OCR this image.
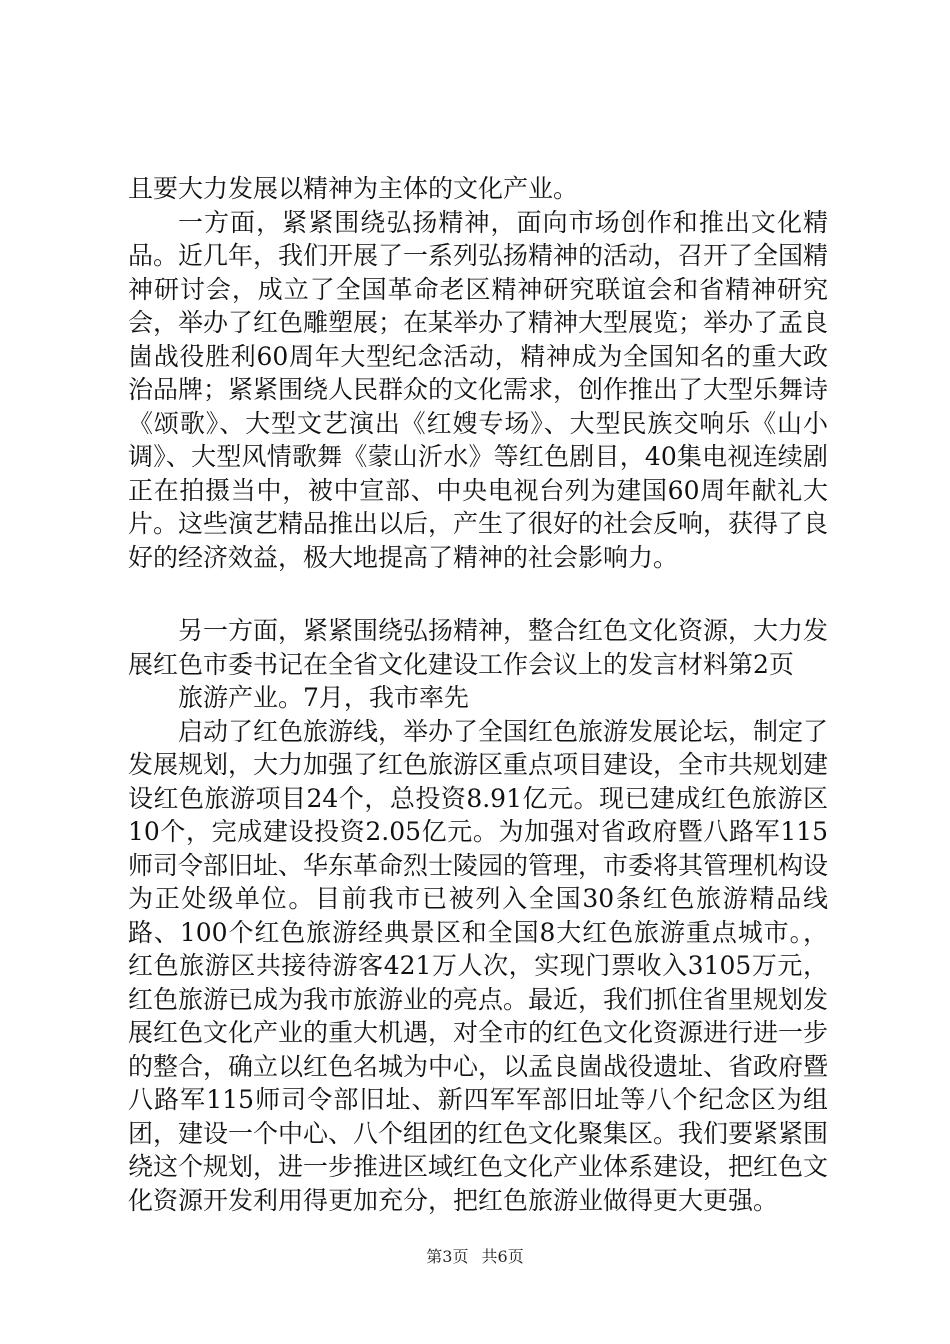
且要大力发展以精神为主体的文化产业。

一方面，紧紧围绕弘扬精神，面向市场创作和推出文化精品。近几年，我们开展了一系列弘扬精神的活动，召开了全国精神研讨会，成立了全国革命老区精神研究联谊会和省精神研究会，举办了红色雕塑展；在某举办了精神大型展览；举办了孟良崮战役胜利60周年大型纪念活动，精神成为全国知名的重大政治品牌；紧紧围绕人民群众的文化需求，创作推出了大型乐舞诗《颂歌》、大型文艺演出《红嫂专场》、大型民族交响乐《山小调》、大型风情歌舞《蒙山沂水》等红色剧目，40集电视连续剧正在拍摄当中，被中宣部、中央电视台列为建国60周年献礼大片。这些演艺精品推出以后，产生了很好的社会反响，获得了良好的经济效益，极大地提高了精神的社会影响力。

另一方面，紧紧围绕弘扬精神，整合红色文化资源，大力发展红色市委书记在全省文化建设工作会议上的发言材料第2页

旅游产业。7月，我市率先

启动了红色旅游线，举办了全国红色旅游发展论坛，制定了发展规划，大力加强了红色旅游区重点项目建设，全市共规划建设红色旅游项目24个，总投资8.91亿元。现已建成红色旅游区10个，完成建设投资2.05亿元。为加强对省政府暨八路军115师司令部旧址、华东革命烈士陵园的管理，市委将其管理机构设为正处级单位。目前我市已被列入全国30条红色旅游精品线路、100个红色旅游经典景区和全国8大红色旅游重点城市。，红色旅游区共接待游客421万人次，实现门票收入3105万元，红色旅游已成为我市旅游业的亮点。最近，我们抓住省里规划发展红色文化产业的重大机遇，对全市的红色文化资源进行进一步的整合，确立以红色名城为中心，以孟良崮战役遗址、省政府暨八路军115师司令部旧址、新四军军部旧址等八个纪念区为组团，建设一个中心、八个组团的红色文化聚集区。我们要紧紧围绕这个规划，进一步推进区域红色文化产业体系建设，把红色文化资源开发利用得更加充分，把红色旅游业做得更大更强。

第3页 共6页
